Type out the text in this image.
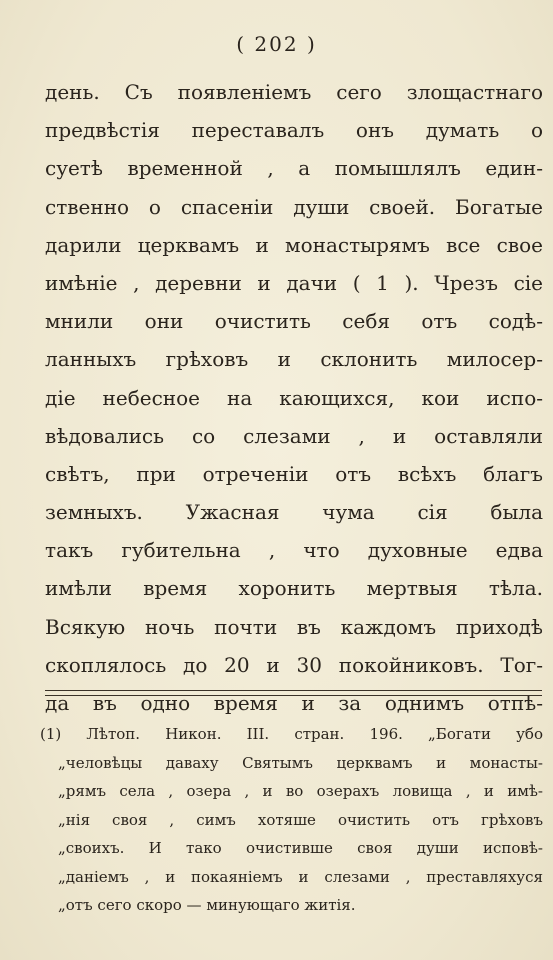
( 202 )
день. Съ появленіемъ сего злощастнаго
предвѣстія переставалъ онъ думать о
суетѣ временной , а помышлялъ един-
ственно о спасеніи души своей. Богатые
дарили церквамъ и монастырямъ все свое
имѣніе , деревни и дачи ( 1 ). Чрезъ сіе
мнили они очистить себя отъ содѣ-
ланныхъ грѣховъ и склонить милосер-
діе небесное на кающихся, кои испо-
вѣдовались со слезами , и оставляли
свѣтъ, при отреченіи отъ всѣхъ благъ
земныхъ. Ужасная чума сія была
такъ губительна , что духовные едва
имѣли время хоронить мертвыя тѣла.
Всякую ночь почти въ каждомъ приходѣ
скоплялось до 20 и 30 покойниковъ. Тог-
да въ одно время и за однимъ отпѣ-
(1) Лѣтоп. Никон. III. стран. 196. „Богати убо
„человѣцы даваху Святымъ церквамъ и монасты-
„рямъ села , озера , и во озерахъ ловища , и имѣ-
„нія своя , симъ хотяше очистить отъ грѣховъ
„своихъ. И тако очистивше своя души исповѣ-
„даніемъ , и покаяніемъ и слезами , преставляхуся
„отъ сего скоро — минующаго житія.
